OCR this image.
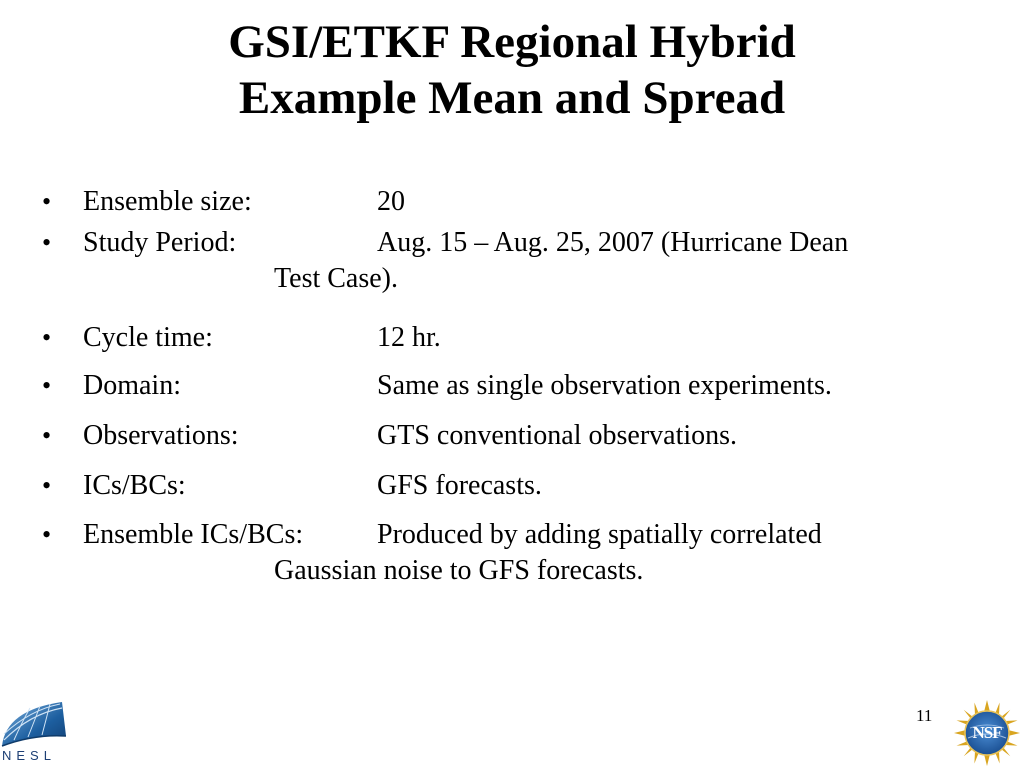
GSI/ETKF Regional Hybrid
Example Mean and Spread
• Ensemble size:	20
• Study Period:	Aug. 15 – Aug. 25, 2007 (Hurricane Dean
Test Case).
• Cycle time:	12 hr.
• Domain:	Same as single observation experiments.
• Observations:	GTS conventional observations.
• ICs/BCs:	GFS forecasts.
• Ensemble ICs/BCs:	Produced by adding spatially correlated
Gaussian noise to GFS forecasts.
11
NESL
NSF
